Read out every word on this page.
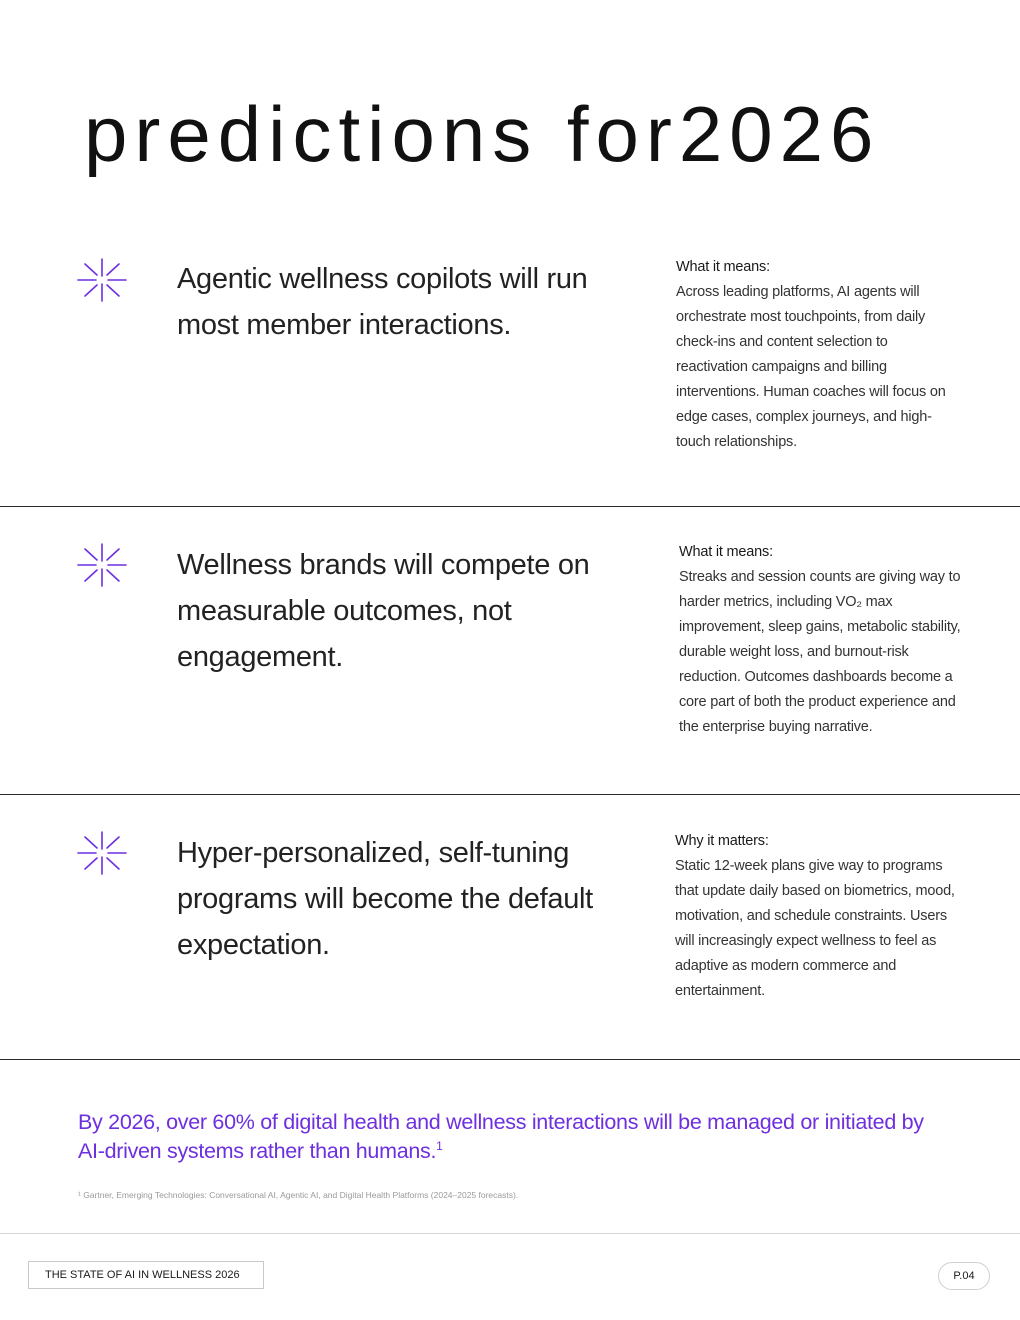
predictions for2026

Agentic wellness copilots will run most member interactions.

What it means:
Across leading platforms, AI agents will orchestrate most touchpoints, from daily check-ins and content selection to reactivation campaigns and billing interventions. Human coaches will focus on edge cases, complex journeys, and high-touch relationships.

Wellness brands will compete on measurable outcomes, not engagement.

What it means:
Streaks and session counts are giving way to harder metrics, including VO₂ max improvement, sleep gains, metabolic stability, durable weight loss, and burnout-risk reduction. Outcomes dashboards become a core part of both the product experience and the enterprise buying narrative.

Hyper-personalized, self-tuning programs will become the default expectation.

Why it matters:
Static 12-week plans give way to programs that update daily based on biometrics, mood, motivation, and schedule constraints. Users will increasingly expect wellness to feel as adaptive as modern commerce and entertainment.

By 2026, over 60% of digital health and wellness interactions will be managed or initiated by AI-driven systems rather than humans.$^1$

¹ Gartner, Emerging Technologies: Conversational AI, Agentic AI, and Digital Health Platforms (2024–2025 forecasts).

THE STATE OF AI IN WELLNESS 2026	P.04
